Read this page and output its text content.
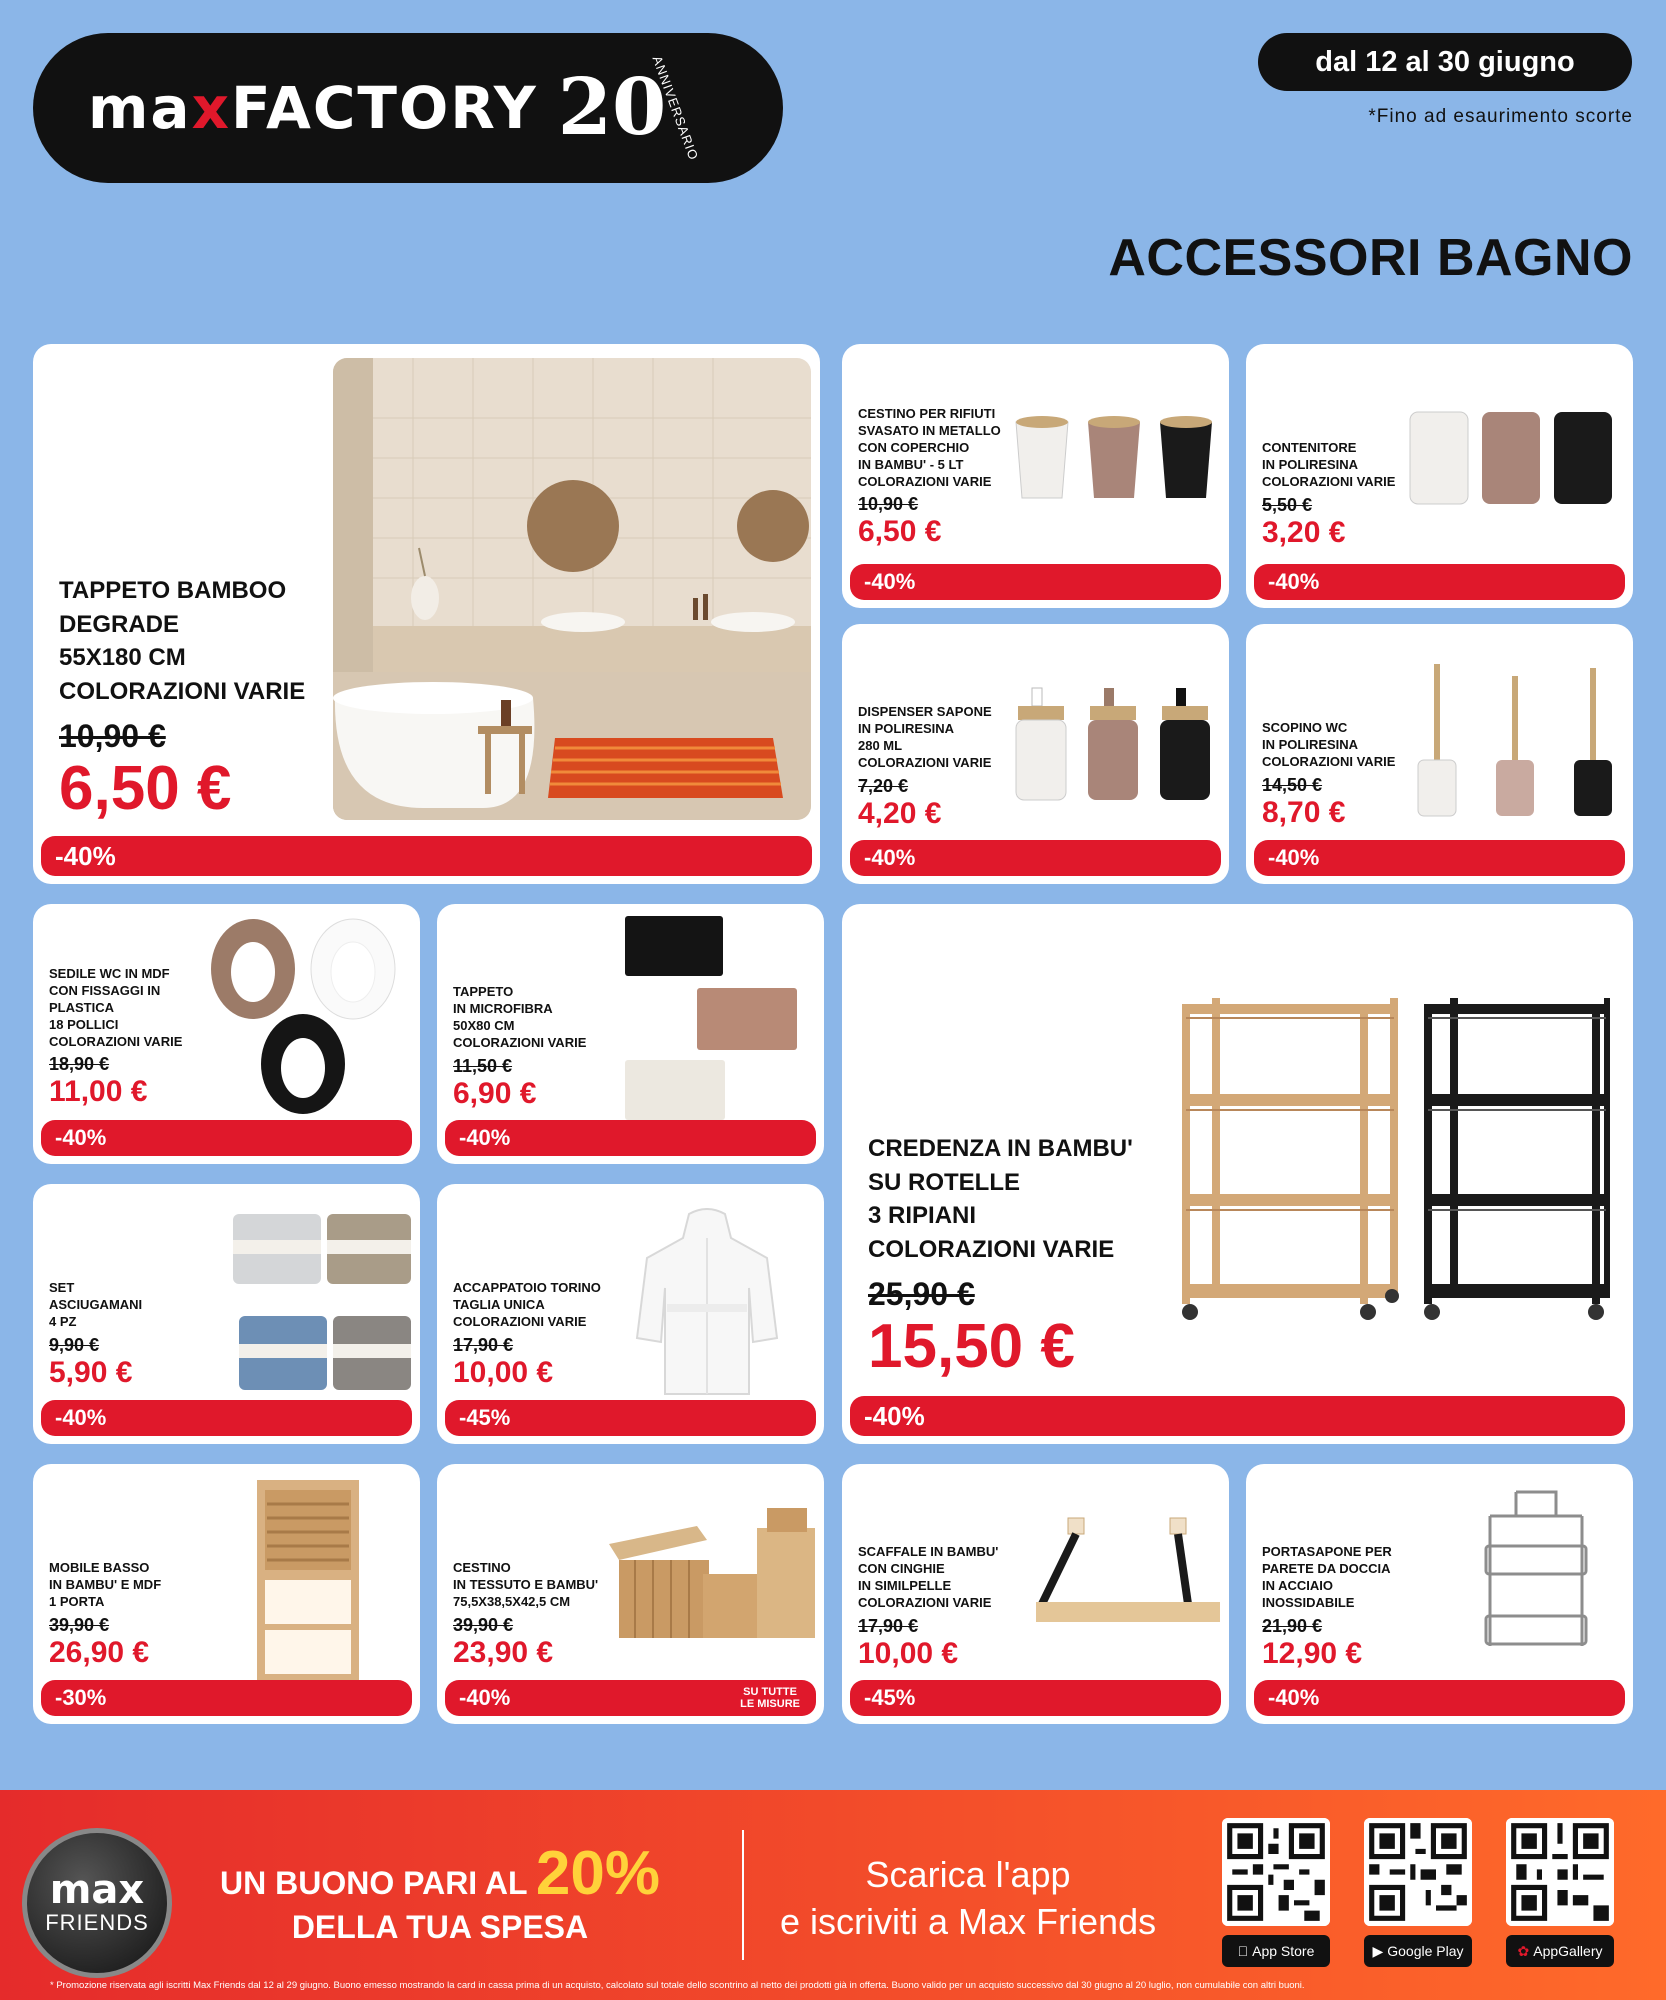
maxFACTORY 20
ANNIVERSARIO	dal 12 al 30 giugno
*Fino ad esaurimento scorte
ACCESSORI BAGNO
TAPPETO BAMBOO
DEGRADE
55X180 CM
COLORAZIONI VARIE
10,90 €
6,50 €
-40%
CESTINO PER RIFIUTI
SVASATO IN METALLO
CON COPERCHIO
IN BAMBU' - 5 LT
COLORAZIONI VARIE
10,90 €
6,50 €
-40%
CONTENITORE
IN POLIRESINA
COLORAZIONI VARIE
5,50 €
3,20 €
-40%
DISPENSER SAPONE
IN POLIRESINA
280 ML
COLORAZIONI VARIE
7,20 €
4,20 €
-40%
SCOPINO WC
IN POLIRESINA
COLORAZIONI VARIE
14,50 €
8,70 €
-40%
SEDILE WC IN MDF
CON FISSAGGI IN
PLASTICA
18 POLLICI
COLORAZIONI VARIE
18,90 €
11,00 €
-40%
TAPPETO
IN MICROFIBRA
50X80 CM
COLORAZIONI VARIE
11,50 €
6,90 €
-40%	CREDENZA IN BAMBU'
SU ROTELLE
3 RIPIANI
COLORAZIONI VARIE
25,90 €
15,50 €
-40%
SET
ASCIUGAMANI
4 PZ
9,90 €
5,90 €
-40%
ACCAPPATOIO TORINO
TAGLIA UNICA
COLORAZIONI VARIE
17,90 €
10,00 €
-45%
MOBILE BASSO
IN BAMBU' E MDF
1 PORTA
39,90 €
26,90 €
-30%
CESTINO
IN TESSUTO E BAMBU'
75,5X38,5X42,5 CM
39,90 €
23,90 €
-40%	SU TUTTE
LE MISURE
SCAFFALE IN BAMBU'
CON CINGHIE
IN SIMILPELLE
COLORAZIONI VARIE
17,90 €
10,00 €
-45%
PORTASAPONE PER
PARETE DA DOCCIA
IN ACCIAIO
INOSSIDABILE
21,90 €
12,90 €
-40%
max
FRIENDS
UN BUONO PARI AL 20%
DELLA TUA SPESA
Scarica l'app
e iscriviti a Max Friends
App Store	▶ Google Play	✿ AppGallery
* Promozione riservata agli iscritti Max Friends dal 12 al 29 giugno. Buono emesso mostrando la card in cassa prima di un acquisto, calcolato sul totale dello scontrino al netto dei prodotti già in offerta. Buono valido per un acquisto successivo dal 30 giugno al 20 luglio, non cumulabile con altri buoni.
